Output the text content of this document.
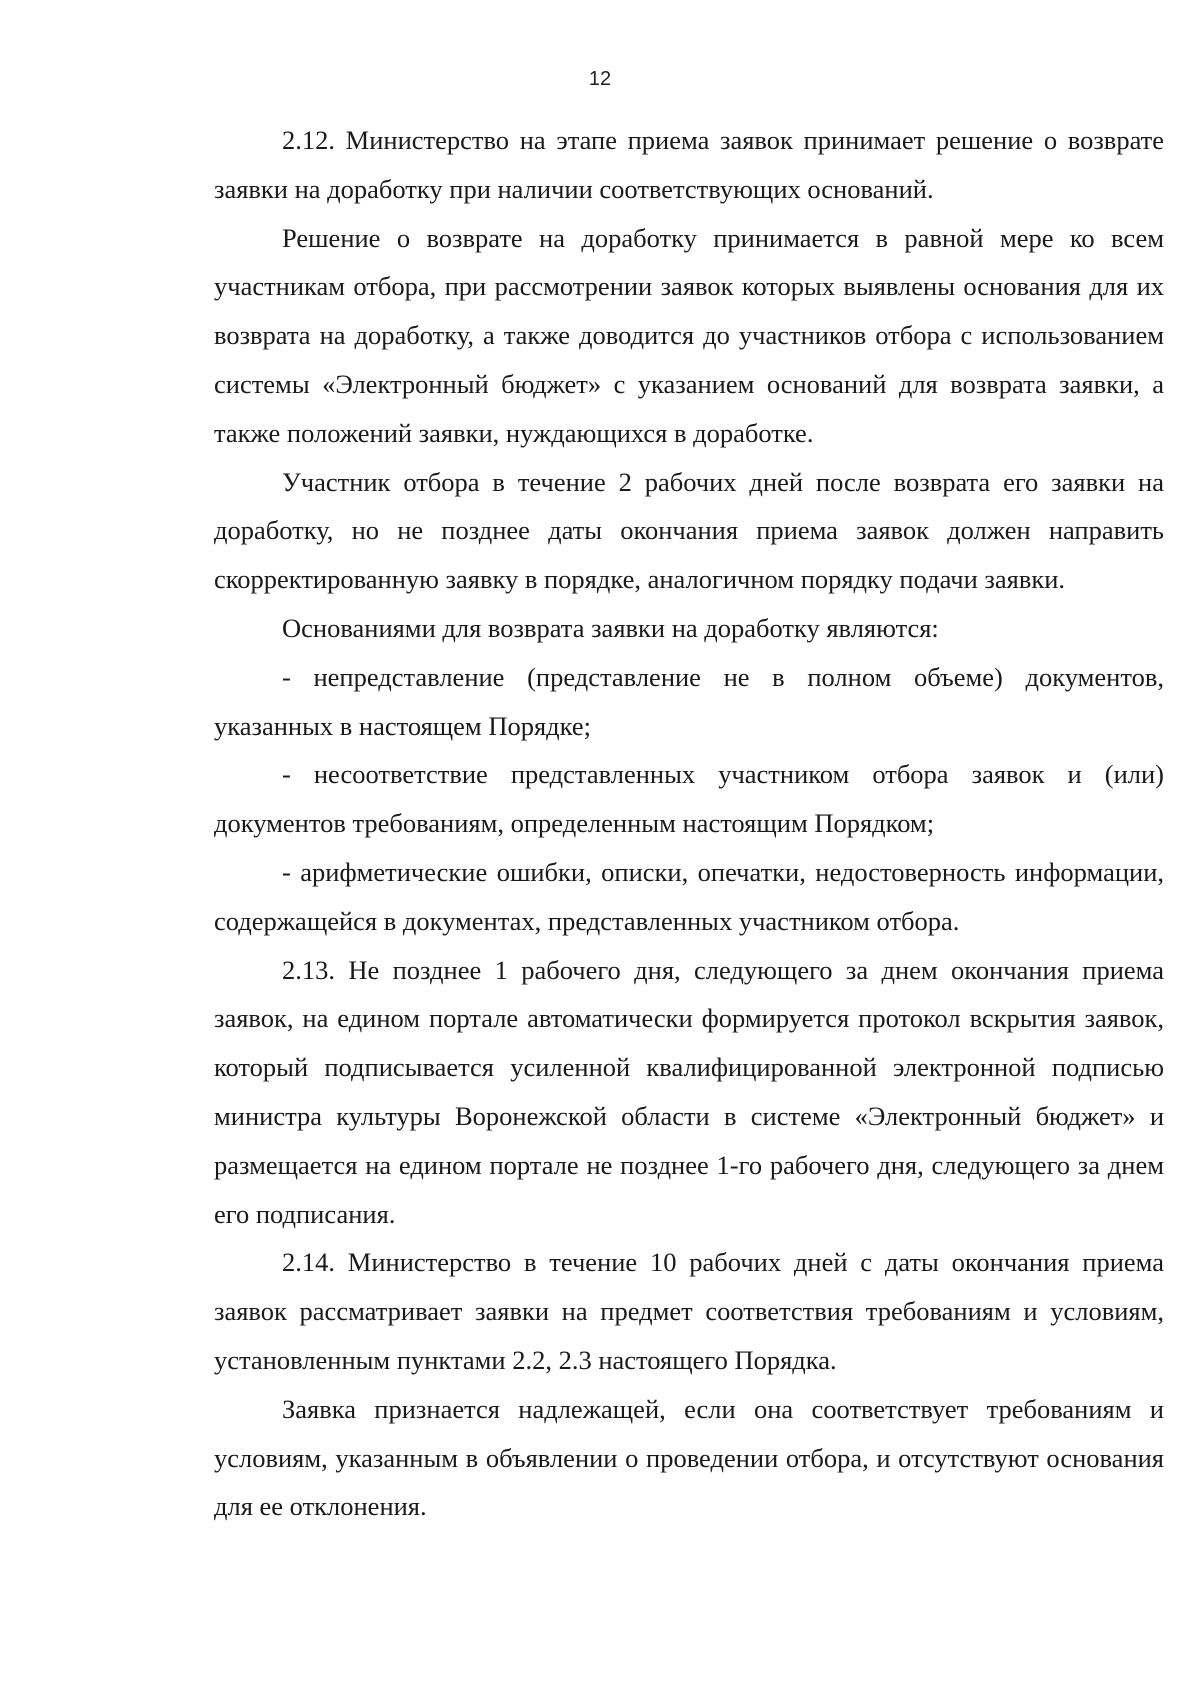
12

2.12. Министерство на этапе приема заявок принимает решение о возврате заявки на доработку при наличии соответствующих оснований.

Решение о возврате на доработку принимается в равной мере ко всем участникам отбора, при рассмотрении заявок которых выявлены основания для их возврата на доработку, а также доводится до участников отбора с использованием системы «Электронный бюджет» с указанием оснований для возврата заявки, а также положений заявки, нуждающихся в доработке.

Участник отбора в течение 2 рабочих дней после возврата его заявки на доработку, но не позднее даты окончания приема заявок должен направить скорректированную заявку в порядке, аналогичном порядку подачи заявки.

Основаниями для возврата заявки на доработку являются:

- непредставление (представление не в полном объеме) документов, указанных в настоящем Порядке;

- несоответствие представленных участником отбора заявок и (или) документов требованиям, определенным настоящим Порядком;

- арифметические ошибки, описки, опечатки, недостоверность информации, содержащейся в документах, представленных участником отбора.

2.13. Не позднее 1 рабочего дня, следующего за днем окончания приема заявок, на едином портале автоматически формируется протокол вскрытия заявок, который подписывается усиленной квалифицированной электронной подписью министра культуры Воронежской области в системе «Электронный бюджет» и размещается на едином портале не позднее 1-го рабочего дня, следующего за днем его подписания.

2.14. Министерство в течение 10 рабочих дней с даты окончания приема заявок рассматривает заявки на предмет соответствия требованиям и условиям, установленным пунктами 2.2, 2.3 настоящего Порядка.

Заявка признается надлежащей, если она соответствует требованиям и условиям, указанным в объявлении о проведении отбора, и отсутствуют основания для ее отклонения.
